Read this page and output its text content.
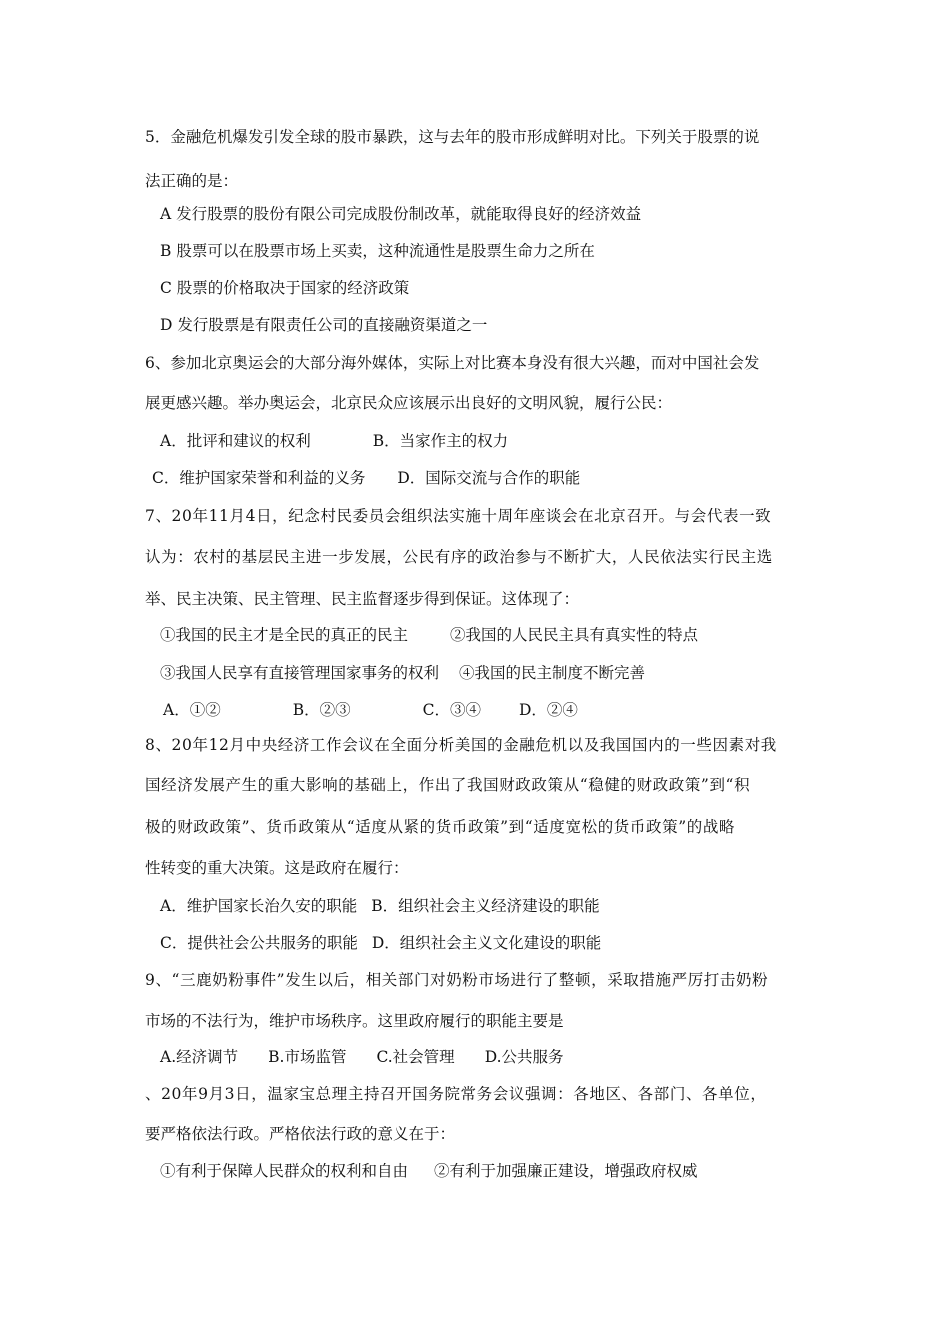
5．金融危机爆发引发全球的股市暴跌，这与去年的股市形成鲜明对比。下列关于股票的说
法正确的是：
A 发行股票的股份有限公司完成股份制改革，就能取得良好的经济效益
B 股票可以在股票市场上买卖，这种流通性是股票生命力之所在
C 股票的价格取决于国家的经济政策
D 发行股票是有限责任公司的直接融资渠道之一
6、参加北京奥运会的大部分海外媒体，实际上对比赛本身没有很大兴趣，而对中国社会发
展更感兴趣。举办奥运会，北京民众应该展示出良好的文明风貌，履行公民：
A．批评和建议的权利	B．当家作主的权力
C．维护国家荣誉和利益的义务 D．国际交流与合作的职能
7、20年11月4日，纪念村民委员会组织法实施十周年座谈会在北京召开。与会代表一致
认为：农村的基层民主进一步发展，公民有序的政治参与不断扩大，人民依法实行民主选
举、民主决策、民主管理、民主监督逐步得到保证。这体现了：
①我国的民主才是全民的真正的民主	②我国的人民民主具有真实性的特点
③我国人民享有直接管理国家事务的权利 ④我国的民主制度不断完善
A．①②	B．②③	C．③④ D．②④
8、20年12月中央经济工作会议在全面分析美国的金融危机以及我国国内的一些因素对我
国经济发展产生的重大影响的基础上，作出了我国财政政策从“稳健的财政政策”到“积
极的财政政策”、货币政策从“适度从紧的货币政策”到“适度宽松的货币政策”的战略
性转变的重大决策。这是政府在履行：
A．维护国家长治久安的职能 B．组织社会主义经济建设的职能
C．提供社会公共服务的职能 D．组织社会主义文化建设的职能
9、“三鹿奶粉事件”发生以后，相关部门对奶粉市场进行了整顿，采取措施严厉打击奶粉
市场的不法行为，维护市场秩序。这里政府履行的职能主要是
A.经济调节 B.市场监管 C.社会管理 D.公共服务
、20年9月3日，温家宝总理主持召开国务院常务会议强调：各地区、各部门、各单位，
要严格依法行政。严格依法行政的意义在于：
①有利于保障人民群众的权利和自由 ②有利于加强廉正建设，增强政府权威
